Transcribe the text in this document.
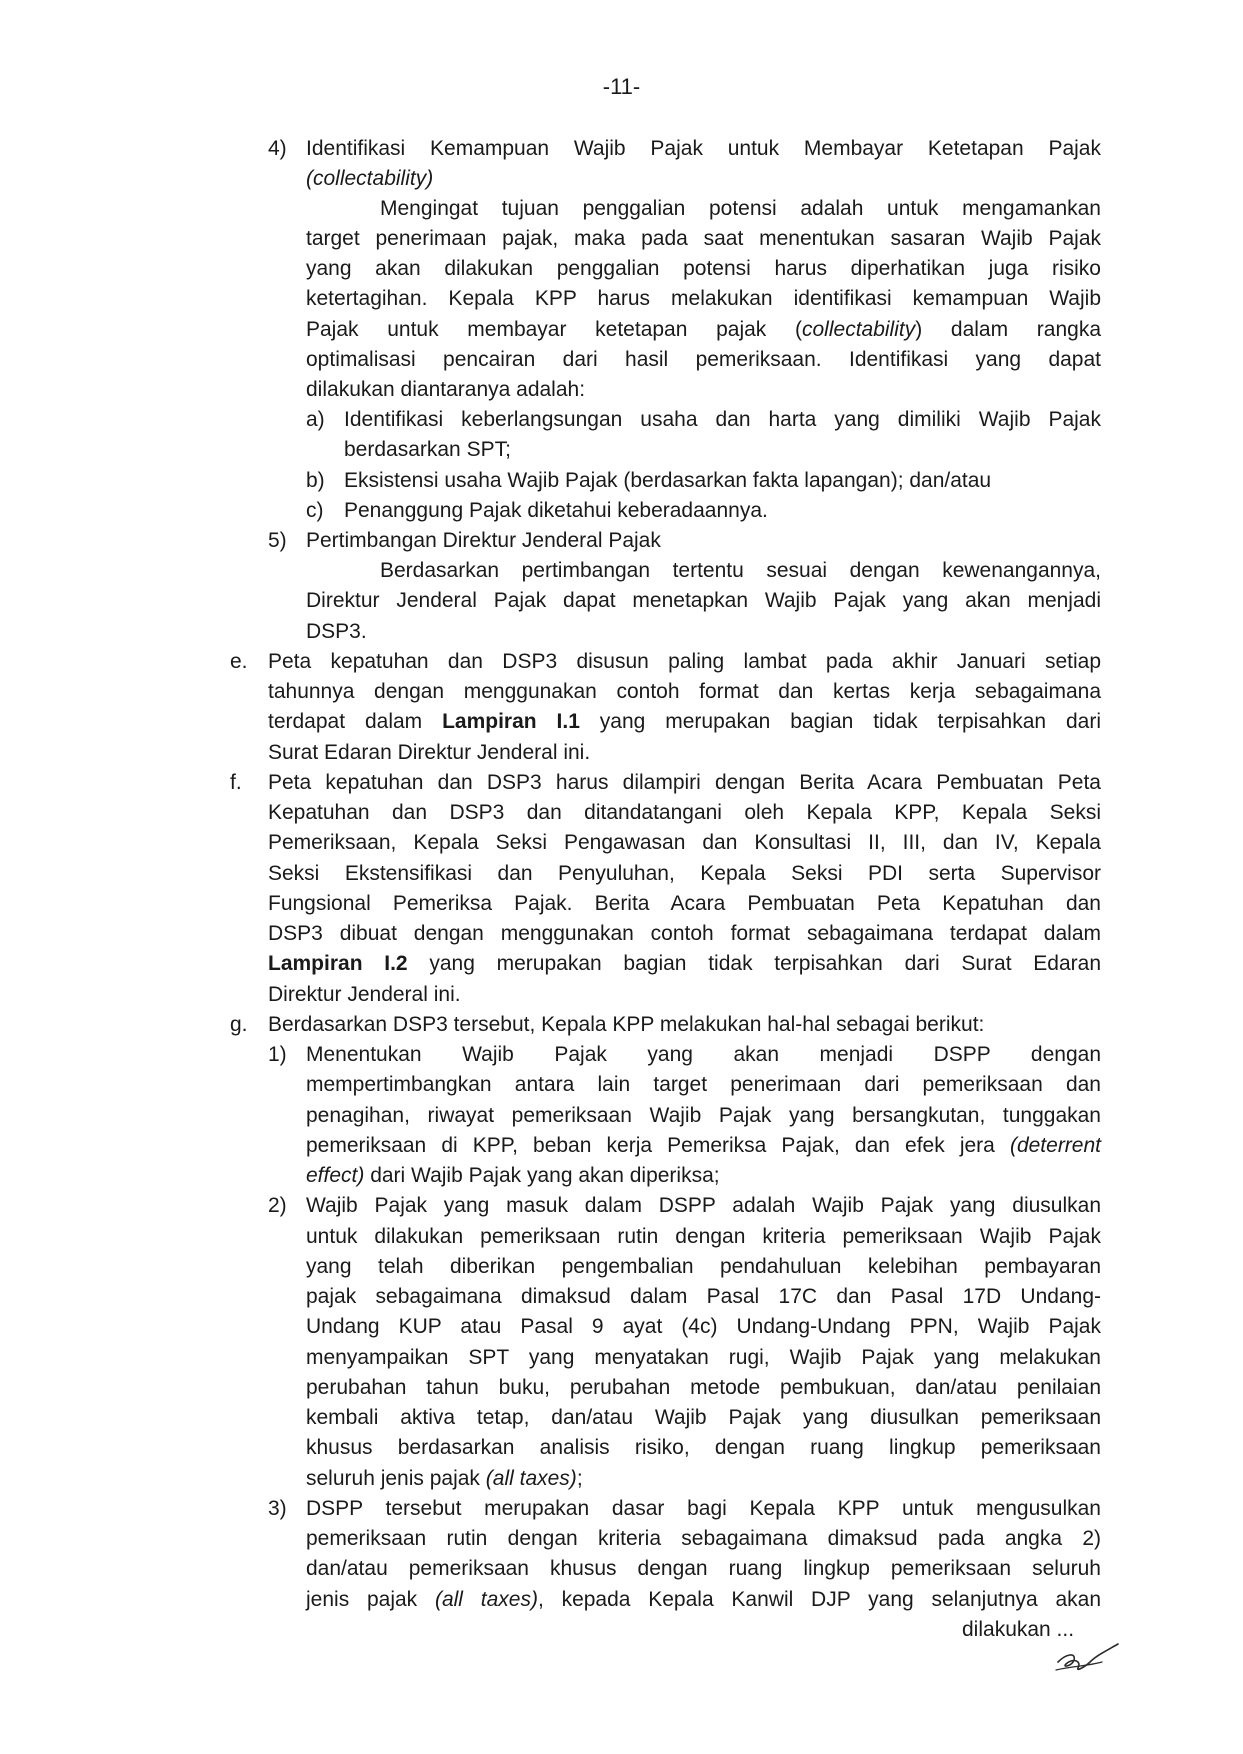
-11-
4) Identifikasi Kemampuan Wajib Pajak untuk Membayar Ketetapan Pajak
(collectability)
Mengingat tujuan penggalian potensi adalah untuk mengamankan
target penerimaan pajak, maka pada saat menentukan sasaran Wajib Pajak
yang akan dilakukan penggalian potensi harus diperhatikan juga risiko
ketertagihan. Kepala KPP harus melakukan identifikasi kemampuan Wajib
Pajak untuk membayar ketetapan pajak (collectability) dalam rangka
optimalisasi pencairan dari hasil pemeriksaan. Identifikasi yang dapat
dilakukan diantaranya adalah:
a) Identifikasi keberlangsungan usaha dan harta yang dimiliki Wajib Pajak
berdasarkan SPT;
b) Eksistensi usaha Wajib Pajak (berdasarkan fakta lapangan); dan/atau
c) Penanggung Pajak diketahui keberadaannya.
5) Pertimbangan Direktur Jenderal Pajak
Berdasarkan pertimbangan tertentu sesuai dengan kewenangannya,
Direktur Jenderal Pajak dapat menetapkan Wajib Pajak yang akan menjadi
DSP3.
e. Peta kepatuhan dan DSP3 disusun paling lambat pada akhir Januari setiap
tahunnya dengan menggunakan contoh format dan kertas kerja sebagaimana
terdapat dalam Lampiran I.1 yang merupakan bagian tidak terpisahkan dari
Surat Edaran Direktur Jenderal ini.
f. Peta kepatuhan dan DSP3 harus dilampiri dengan Berita Acara Pembuatan Peta
Kepatuhan dan DSP3 dan ditandatangani oleh Kepala KPP, Kepala Seksi
Pemeriksaan, Kepala Seksi Pengawasan dan Konsultasi II, III, dan IV, Kepala
Seksi Ekstensifikasi dan Penyuluhan, Kepala Seksi PDI serta Supervisor
Fungsional Pemeriksa Pajak. Berita Acara Pembuatan Peta Kepatuhan dan
DSP3 dibuat dengan menggunakan contoh format sebagaimana terdapat dalam
Lampiran I.2 yang merupakan bagian tidak terpisahkan dari Surat Edaran
Direktur Jenderal ini.
g. Berdasarkan DSP3 tersebut, Kepala KPP melakukan hal-hal sebagai berikut:
1) Menentukan Wajib Pajak yang akan menjadi DSPP dengan
mempertimbangkan antara lain target penerimaan dari pemeriksaan dan
penagihan, riwayat pemeriksaan Wajib Pajak yang bersangkutan, tunggakan
pemeriksaan di KPP, beban kerja Pemeriksa Pajak, dan efek jera (deterrent
effect) dari Wajib Pajak yang akan diperiksa;
2) Wajib Pajak yang masuk dalam DSPP adalah Wajib Pajak yang diusulkan
untuk dilakukan pemeriksaan rutin dengan kriteria pemeriksaan Wajib Pajak
yang telah diberikan pengembalian pendahuluan kelebihan pembayaran
pajak sebagaimana dimaksud dalam Pasal 17C dan Pasal 17D Undang-
Undang KUP atau Pasal 9 ayat (4c) Undang-Undang PPN, Wajib Pajak
menyampaikan SPT yang menyatakan rugi, Wajib Pajak yang melakukan
perubahan tahun buku, perubahan metode pembukuan, dan/atau penilaian
kembali aktiva tetap, dan/atau Wajib Pajak yang diusulkan pemeriksaan
khusus berdasarkan analisis risiko, dengan ruang lingkup pemeriksaan
seluruh jenis pajak (all taxes);
3) DSPP tersebut merupakan dasar bagi Kepala KPP untuk mengusulkan
pemeriksaan rutin dengan kriteria sebagaimana dimaksud pada angka 2)
dan/atau pemeriksaan khusus dengan ruang lingkup pemeriksaan seluruh
jenis pajak (all taxes), kepada Kepala Kanwil DJP yang selanjutnya akan
dilakukan ...
